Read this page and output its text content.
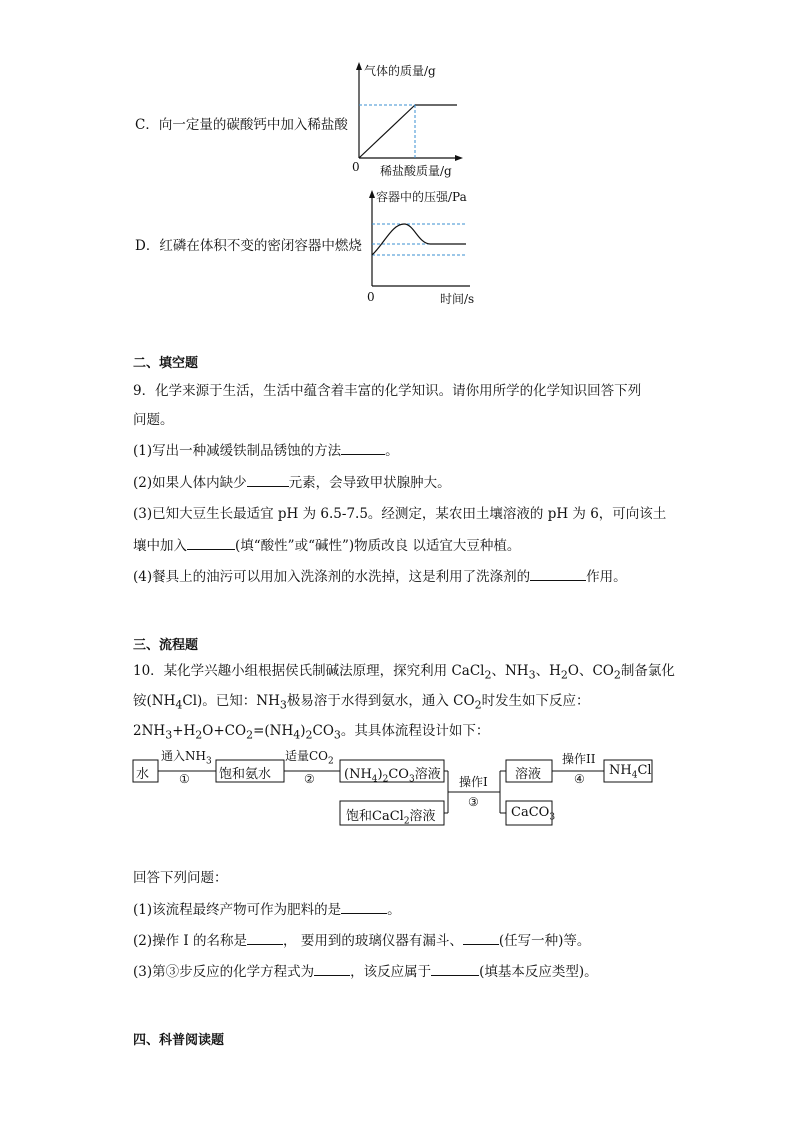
C．向一定量的碳酸钙中加入稀盐酸
气体的质量/g
稀盐酸质量/g
0
D．红磷在体积不变的密闭容器中燃烧
容器中的压强/Pa
时间/s
0
二、填空题
9．化学来源于生活，生活中蕴含着丰富的化学知识。请你用所学的化学知识回答下列
问题。
(1)写出一种减缓铁制品锈蚀的方法	。
(2)如果人体内缺少	元素，会导致甲状腺肿大。
(3)已知大豆生长最适宜 pH 为 6.5-7.5。经测定，某农田土壤溶液的 pH 为 6，可向该土
壤中加入	(填“酸性”或“碱性”)物质改良 以适宜大豆种植。
(4)餐具上的油污可以用加入洗涤剂的水洗掉，这是利用了洗涤剂的	作用。
三、流程题
10．某化学兴趣小组根据侯氏制碱法原理，探究利用 CaCl$_2$、$NH_3$、$H_2O$、$CO_2$制备氯化
铵$(NH_4Cl)$。已知：$NH_3$极易溶于水得到氨水，通入 $CO_2$时发生如下反应：
$2NH_3+H_2O+CO_2=(NH_4)_2CO_3$。其具体流程设计如下：
水
通入$NH_3$
① 饱和氨水
适量$CO_2$
② $(NH_4)_2CO_3$溶液
饱和CaCl$_2$溶液
操作I
③
溶液
CaCO$_3$
操作II
④
$NH_4Cl$
回答下列问题：
(1)该流程最终产物可作为肥料的是	。
(2)操作 I 的名称是	， 要用到的玻璃仪器有漏斗、	(任写一种)等。
(3)第③步反应的化学方程式为	，该反应属于	(填基本反应类型)。
四、科普阅读题
